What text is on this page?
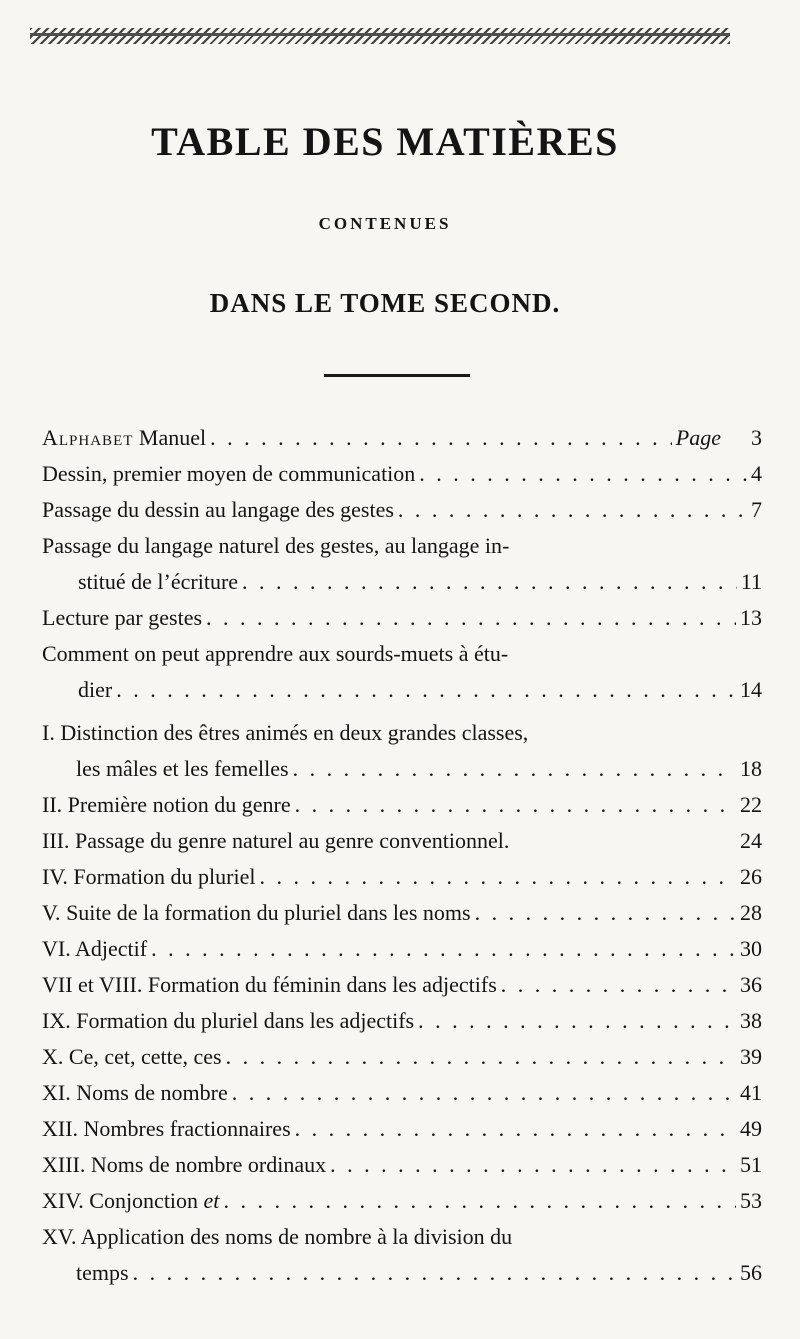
TABLE DES MATIÈRES
CONTENUES
DANS LE TOME SECOND.
Alphabet Manuel . . .	Page 3
Dessin, premier moyen de communication . . .	4
Passage du dessin au langage des gestes . . .	7
Passage du langage naturel des gestes, au langage in-
stitué de l’écriture . . .	11
Lecture par gestes . . .	13
Comment on peut apprendre aux sourds-muets à étu-
dier . . .	14
I. Distinction des êtres animés en deux grandes classes,
les mâles et les femelles . . .	18
II. Première notion du genre . . .	22
III. Passage du genre naturel au genre conventionnel.	24
IV. Formation du pluriel . . .	26
V. Suite de la formation du pluriel dans les noms . . .	28
VI. Adjectif . . .	30
VII et VIII. Formation du féminin dans les adjectifs . . .	36
IX. Formation du pluriel dans les adjectifs . . .	38
X. Ce, cet, cette, ces . . .	39
XI. Noms de nombre . . .	41
XII. Nombres fractionnaires . . .	49
XIII. Noms de nombre ordinaux . . .	51
XIV. Conjonction et . . .	53
XV. Application des noms de nombre à la division du
temps . . .	56
